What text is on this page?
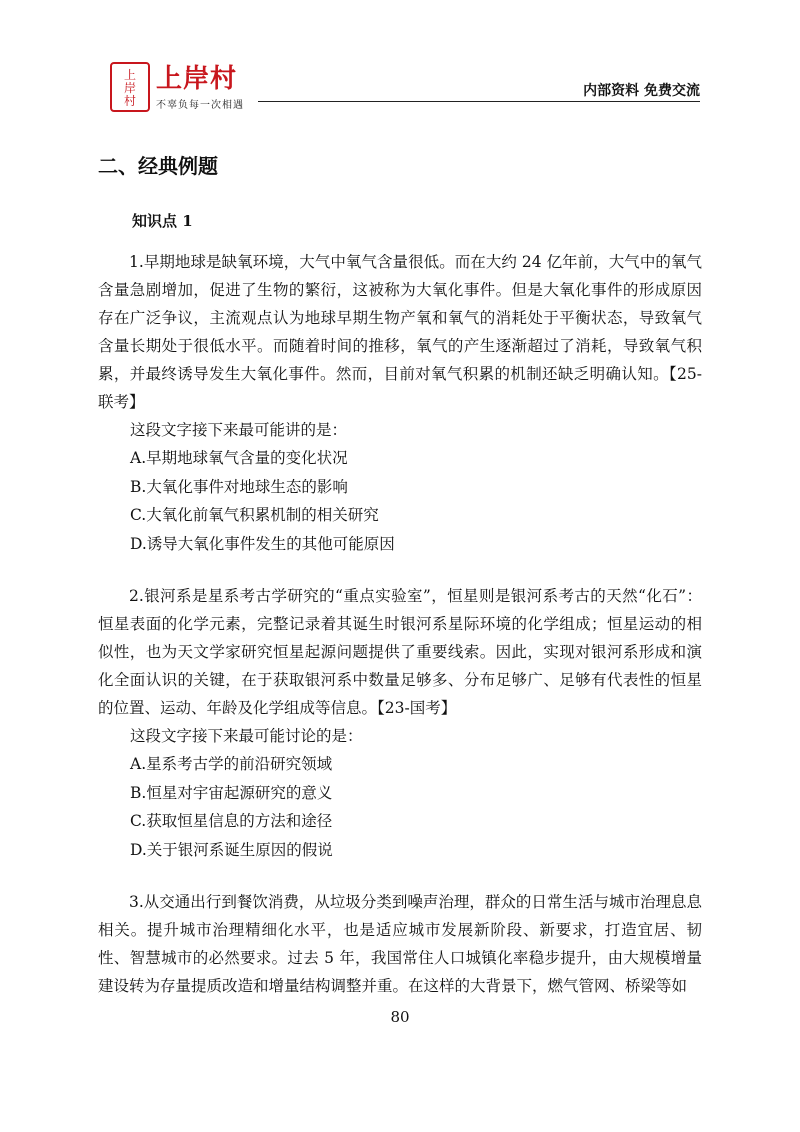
上
岸
村
上岸村
不辜负每一次相遇
内部资料 免费交流
二、经典例题
知识点 1

1.早期地球是缺氧环境，大气中氧气含量很低。而在大约 24 亿年前，大气中的氧气含量急剧增加，促进了生物的繁衍，这被称为大氧化事件。但是大氧化事件的形成原因存在广泛争议，主流观点认为地球早期生物产氧和氧气的消耗处于平衡状态，导致氧气含量长期处于很低水平。而随着时间的推移，氧气的产生逐渐超过了消耗，导致氧气积累，并最终诱导发生大氧化事件。然而，目前对氧气积累的机制还缺乏明确认知。【25-联考】

这段文字接下来最可能讲的是：

A.早期地球氧气含量的变化状况

B.大氧化事件对地球生态的影响

C.大氧化前氧气积累机制的相关研究

D.诱导大氧化事件发生的其他可能原因

2.银河系是星系考古学研究的“重点实验室”，恒星则是银河系考古的天然“化石”：恒星表面的化学元素，完整记录着其诞生时银河系星际环境的化学组成；恒星运动的相似性，也为天文学家研究恒星起源问题提供了重要线索。因此，实现对银河系形成和演化全面认识的关键，在于获取银河系中数量足够多、分布足够广、足够有代表性的恒星的位置、运动、年龄及化学组成等信息。【23-国考】

这段文字接下来最可能讨论的是：

A.星系考古学的前沿研究领域

B.恒星对宇宙起源研究的意义

C.获取恒星信息的方法和途径

D.关于银河系诞生原因的假说

3.从交通出行到餐饮消费，从垃圾分类到噪声治理，群众的日常生活与城市治理息息相关。提升城市治理精细化水平，也是适应城市发展新阶段、新要求，打造宜居、韧性、智慧城市的必然要求。过去 5 年，我国常住人口城镇化率稳步提升，由大规模增量建设转为存量提质改造和增量结构调整并重。在这样的大背景下，燃气管网、桥梁等如

80
